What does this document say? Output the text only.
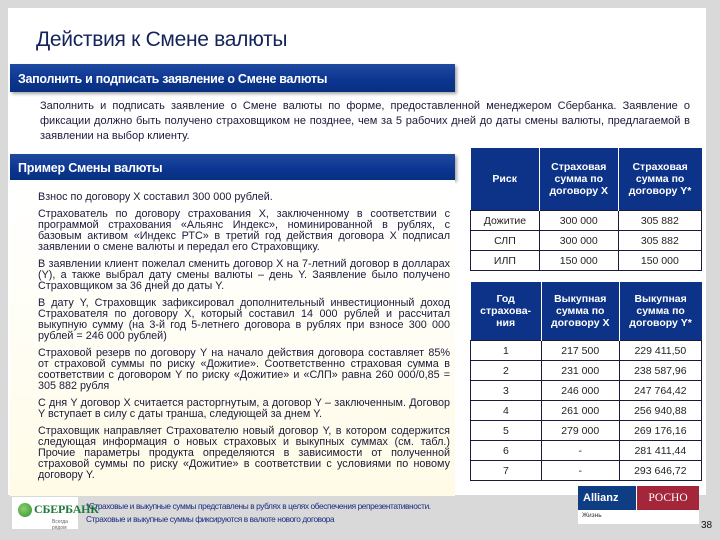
Действия к Смене валюты
Заполнить и подписать заявление о Смене валюты
Заполнить и подписать заявление о Смене валюты по форме, предоставленной менеджером Сбербанка. Заявление о фиксации должно быть получено страховщиком не позднее, чем за 5 рабочих дней до даты смены валюты, предлагаемой в заявлении на выбор клиенту.
Пример Смены валюты

Взнос по договору Х составил 300 000 рублей.

Страхователь по договору страхования Х, заключенному в соответствии с программой страхования «Альянс Индекс», номинированной в рублях, с базовым активом «Индекс РТС» в третий год действия договора Х подписал заявлении о смене валюты и передал его Страховщику.

В заявлении клиент пожелал сменить договор Х на 7-летний договор в долларах (Y), а также выбрал дату смены валюты – день Y. Заявление было получено Страховщиком за 36 дней до даты Y.

В дату Y, Страховщик зафиксировал дополнительный инвестиционный доход Страхователя по договору Х, который составил 14 000 рублей и рассчитал выкупную сумму (на 3-й год 5-летнего договора в рублях при взносе 300 000 рублей = 246 000 рублей)

Страховой резерв по договору Y на начало действия договора составляет 85% от страховой суммы по риску «Дожитие». Соответственно страховая сумма в соответствии с договором Y по риску «Дожитие» и «СЛП» равна 260 000/0,85 = 305 882 рубля

С дня Y договор Х считается расторгнутым, а договор Y – заключенным. Договор Y вступает в силу с даты транша, следующей за днем Y.

Страховщик направляет Страхователю новый договор Y, в котором содержится следующая информация о новых страховых и выкупных суммах (см. табл.) Прочие параметры продукта определяются в зависимости от полученной страховой суммы по риску «Дожитие» в соответствии с условиями по новому договору Y.

Риск	Страховая сумма по договору Х	Страховая сумма по договору Y*
Дожитие	300 000	305 882
СЛП	300 000	305 882
ИЛП	150 000	150 000
Год страхова-ния	Выкупная сумма по договору Х	Выкупная сумма по договору Y*
1	217 500	229 411,50
2	231 000	238 587,96
3	246 000	247 764,42
4	261 000	256 940,88
5	279 000	269 176,16
6	-	281 411,44
7	-	293 646,72
СБЕРБАНК
Всегда рядом
*Страховые и выкупные суммы представлены в рублях в целях обеспечения репрезентативности.
Страховые и выкупные суммы фиксируются в валюте нового договора
Allianz	РОСНО
Жизнь
38
